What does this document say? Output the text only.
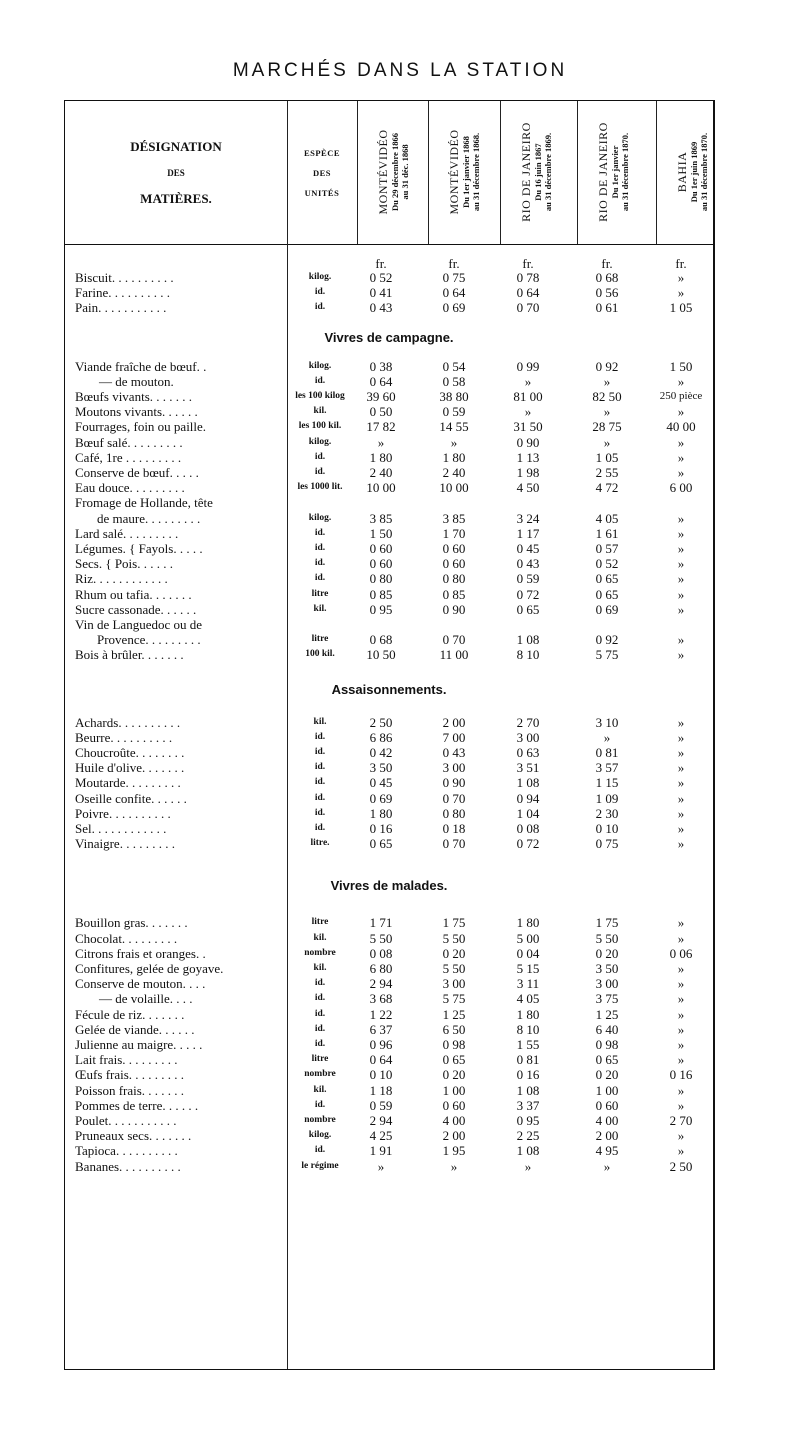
MARCHÉS DANS LA STATION
DÉSIGNATION
DES
MATIÈRES.
ESPÈCE
DES
UNITÉS	MONTÉVIDÉO Du 29 décembre 1866 au 31 déc. 1868	MONTÉVIDÉO Du 1er janvier 1868 au 31 décembre 1868.	RIO DE JANEIRO Du 16 juin 1867 au 31 décembre 1869.	RIO DE JANEIRO Du 1er janvier au 31 décembre 1870.	BAHIA Du 1er juin 1869 au 31 décembre 1870.
fr.	fr.	fr.	fr.	fr.
Biscuit. . . . . . . . . .	kilog.	0 52	0 75	0 78	0 68	»
Farine. . . . . . . . . .	id.	0 41	0 64	0 64	0 56	»
Pain. . . . . . . . . . .	id.	0 43	0 69	0 70	0 61	1 05
Vivres de campagne.
Viande fraîche de bœuf. .	kilog.	0 38	0 54	0 99	0 92	1 50
— de mouton.	id.	0 64	0 58	»	»	»
Bœufs vivants. . . . . . .	les 100 kilog	39 60	38 80	81 00	82 50	250 pièce
Moutons vivants. . . . . .	kil.	0 50	0 59	»	»	»
Fourrages, foin ou paille.	les 100 kil.	17 82	14 55	31 50	28 75	40 00
Bœuf salé. . . . . . . . .	kilog.	»	»	0 90	»	»
Café, 1re . . . . . . . . .	id.	1 80	1 80	1 13	1 05	»
Conserve de bœuf. . . . .	id.	2 40	2 40	1 98	2 55	»
Eau douce. . . . . . . . .	les 1000 lit.	10 00	10 00	4 50	4 72	6 00
Fromage de Hollande, tête
de maure. . . . . . . . .	kilog.	3 85	3 85	3 24	4 05	»
Lard salé. . . . . . . . .	id.	1 50	1 70	1 17	1 61	»
Légumes. { Fayols. . . . .	id.	0 60	0 60	0 45	0 57	»
Secs. { Pois. . . . . .	id.	0 60	0 60	0 43	0 52	»
Riz. . . . . . . . . . . .	id.	0 80	0 80	0 59	0 65	»
Rhum ou tafia. . . . . . .	litre	0 85	0 85	0 72	0 65	»
Sucre cassonade. . . . . .	kil.	0 95	0 90	0 65	0 69	»
Vin de Languedoc ou de
Provence. . . . . . . . .	litre	0 68	0 70	1 08	0 92	»
Bois à brûler. . . . . . .	100 kil.	10 50	11 00	8 10	5 75	»
Assaisonnements.
Achards. . . . . . . . . .	kil.	2 50	2 00	2 70	3 10	»
Beurre. . . . . . . . . .	id.	6 86	7 00	3 00	»	»
Choucroûte. . . . . . . .	id.	0 42	0 43	0 63	0 81	»
Huile d'olive. . . . . . .	id.	3 50	3 00	3 51	3 57	»
Moutarde. . . . . . . . .	id.	0 45	0 90	1 08	1 15	»
Oseille confite. . . . . .	id.	0 69	0 70	0 94	1 09	»
Poivre. . . . . . . . . .	id.	1 80	0 80	1 04	2 30	»
Sel. . . . . . . . . . . .	id.	0 16	0 18	0 08	0 10	»
Vinaigre. . . . . . . . .	litre.	0 65	0 70	0 72	0 75	»
Vivres de malades.
Bouillon gras. . . . . . .	litre	1 71	1 75	1 80	1 75	»
Chocolat. . . . . . . . .	kil.	5 50	5 50	5 00	5 50	»
Citrons frais et oranges. .	nombre	0 08	0 20	0 04	0 20	0 06
Confitures, gelée de goyave.	kil.	6 80	5 50	5 15	3 50	»
Conserve de mouton. . . .	id.	2 94	3 00	3 11	3 00	»
— de volaille. . . .	id.	3 68	5 75	4 05	3 75	»
Fécule de riz. . . . . . .	id.	1 22	1 25	1 80	1 25	»
Gelée de viande. . . . . .	id.	6 37	6 50	8 10	6 40	»
Julienne au maigre. . . . .	id.	0 96	0 98	1 55	0 98	»
Lait frais. . . . . . . . .	litre	0 64	0 65	0 81	0 65	»
Œufs frais. . . . . . . . .	nombre	0 10	0 20	0 16	0 20	0 16
Poisson frais. . . . . . .	kil.	1 18	1 00	1 08	1 00	»
Pommes de terre. . . . . .	id.	0 59	0 60	3 37	0 60	»
Poulet. . . . . . . . . . .	nombre	2 94	4 00	0 95	4 00	2 70
Pruneaux secs. . . . . . .	kilog.	4 25	2 00	2 25	2 00	»
Tapioca. . . . . . . . . .	id.	1 91	1 95	1 08	4 95	»
Bananes. . . . . . . . . .	le régime	»	»	»	»	2 50
